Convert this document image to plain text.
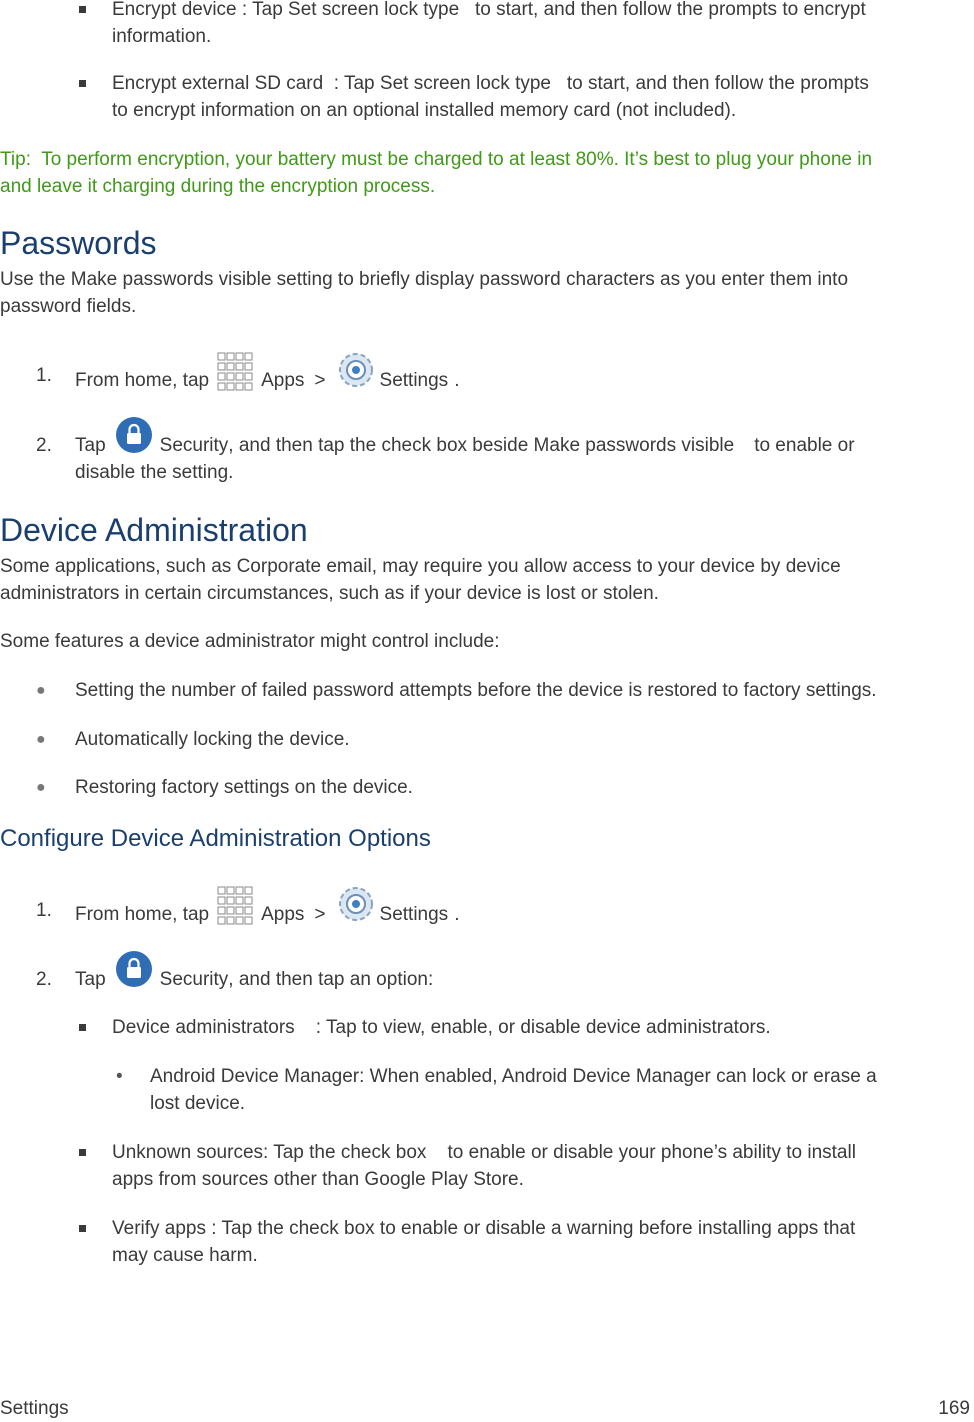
Encrypt device : Tap Set screen lock type to start, and then follow the prompts to encrypt
information.
Encrypt external SD card : Tap Set screen lock type to start, and then follow the prompts
to encrypt information on an optional installed memory card (not included).
Tip: To perform encryption, your battery must be charged to at least 80%. It’s best to plug your phone in
and leave it charging during the encryption process.
Passwords
Use the Make passwords visible setting to briefly display password characters as you enter them into
password fields.
1. From home, tap	Apps >	Settings .
2. Tap	Security , and then tap the check box beside Make passwords visible to enable or
disable the setting.
Device Administration
Some applications, such as Corporate email, may require you allow access to your device by device
administrators in certain circumstances, such as if your device is lost or stolen.
Some features a device administrator might control include:
● Setting the number of failed password attempts before the device is restored to factory settings.
● Automatically locking the device.
● Restoring factory settings on the device.
Configure Device Administration Options
1. From home, tap	Apps >	Settings .
2. Tap	Security , and then tap an option:
Device administrators : Tap to view, enable, or disable device administrators.
• Android Device Manager: When enabled, Android Device Manager can lock or erase a
lost device.
Unknown sources: Tap the check box to enable or disable your phone’s ability to install
apps from sources other than Google Play Store.
Verify apps : Tap the check box to enable or disable a warning before installing apps that
may cause harm.
Settings	169
